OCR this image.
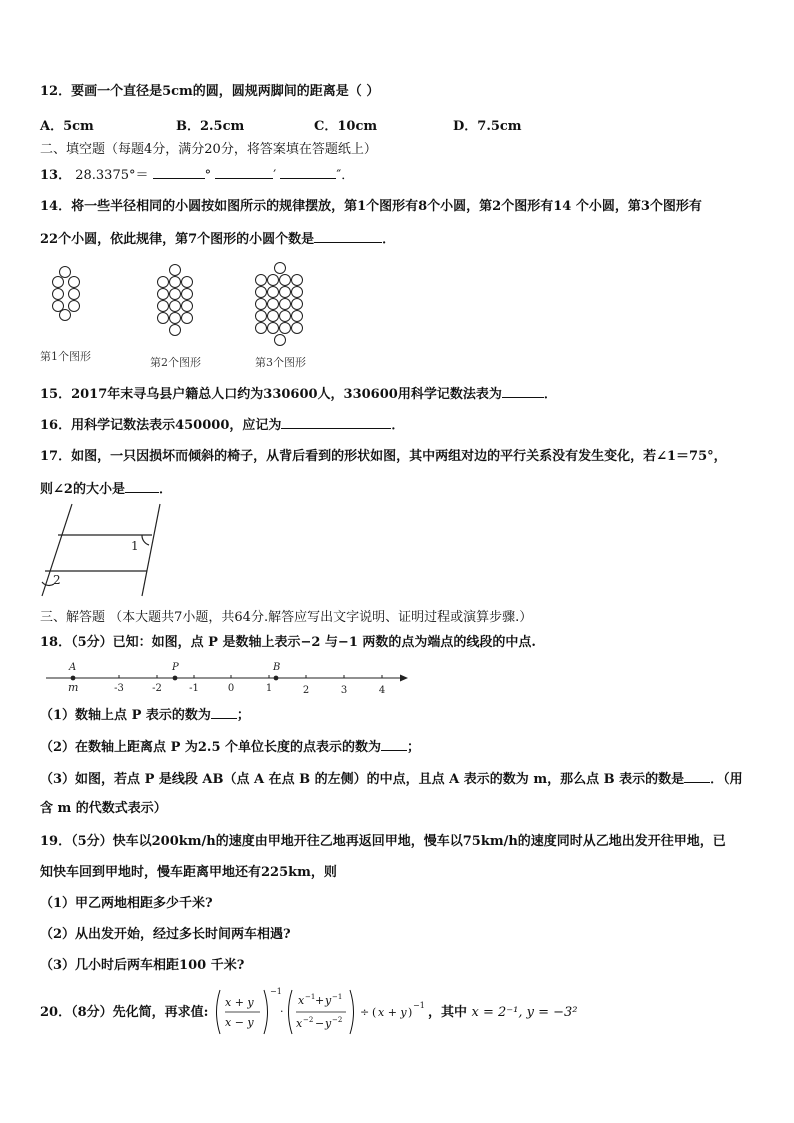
12．要画一个直径是5cm的圆，圆规两脚间的距离是（ ）
A．5cm	B．2.5cm	C．10cm	D．7.5cm
二、填空题（每题4分，满分20分，将答案填在答题纸上）
13． 28.3375°＝	°	′	″．
14．将一些半径相同的小圆按如图所示的规律摆放，第1个图形有8个小圆，第2个图形有14 个小圆，第3个图形有
22个小圆，依此规律，第7个图形的小圆个数是	．
第1个图形	第2个图形	第3个图形
15．2017年末寻乌县户籍总人口约为330600人，330600用科学记数法表为	．
16．用科学记数法表示450000，应记为	．
17．如图，一只因损坏而倾斜的椅子，从背后看到的形状如图，其中两组对边的平行关系没有发生变化，若∠1＝75°，
则∠2的大小是	．
1
2
三、解答题 （本大题共7小题，共64分.解答应写出文字说明、证明过程或演算步骤.）
18．（5分）已知：如图，点 P 是数轴上表示−2 与−1 两数的点为端点的线段的中点.
A	P	B
m	-3	-2	-1	0	1	2	3	4
（1）数轴上点 P 表示的数为 ；
（2）在数轴上距离点 P 为2.5 个单位长度的点表示的数为 ；
（3）如图，若点 P 是线段 AB（点 A 在点 B 的左侧）的中点，且点 A 表示的数为 m，那么点 B 表示的数是 ．（用
含 m 的代数式表示）
19．（5分）快车以200km/h的速度由甲地开往乙地再返回甲地，慢车以75km/h的速度同时从乙地出发开往甲地，已
知快车回到甲地时，慢车距离甲地还有225km，则
（1）甲乙两地相距多少千米?
（2）从出发开始，经过多长时间两车相遇?
（3）几小时后两车相距100 千米?
20．（8分）先化简，再求值:
x + y
x − y
−1
·
x −1 + y −1
x −2 − y −2
÷ ( x + y )
−1 ，其中 x = 2⁻¹, y = −3²
